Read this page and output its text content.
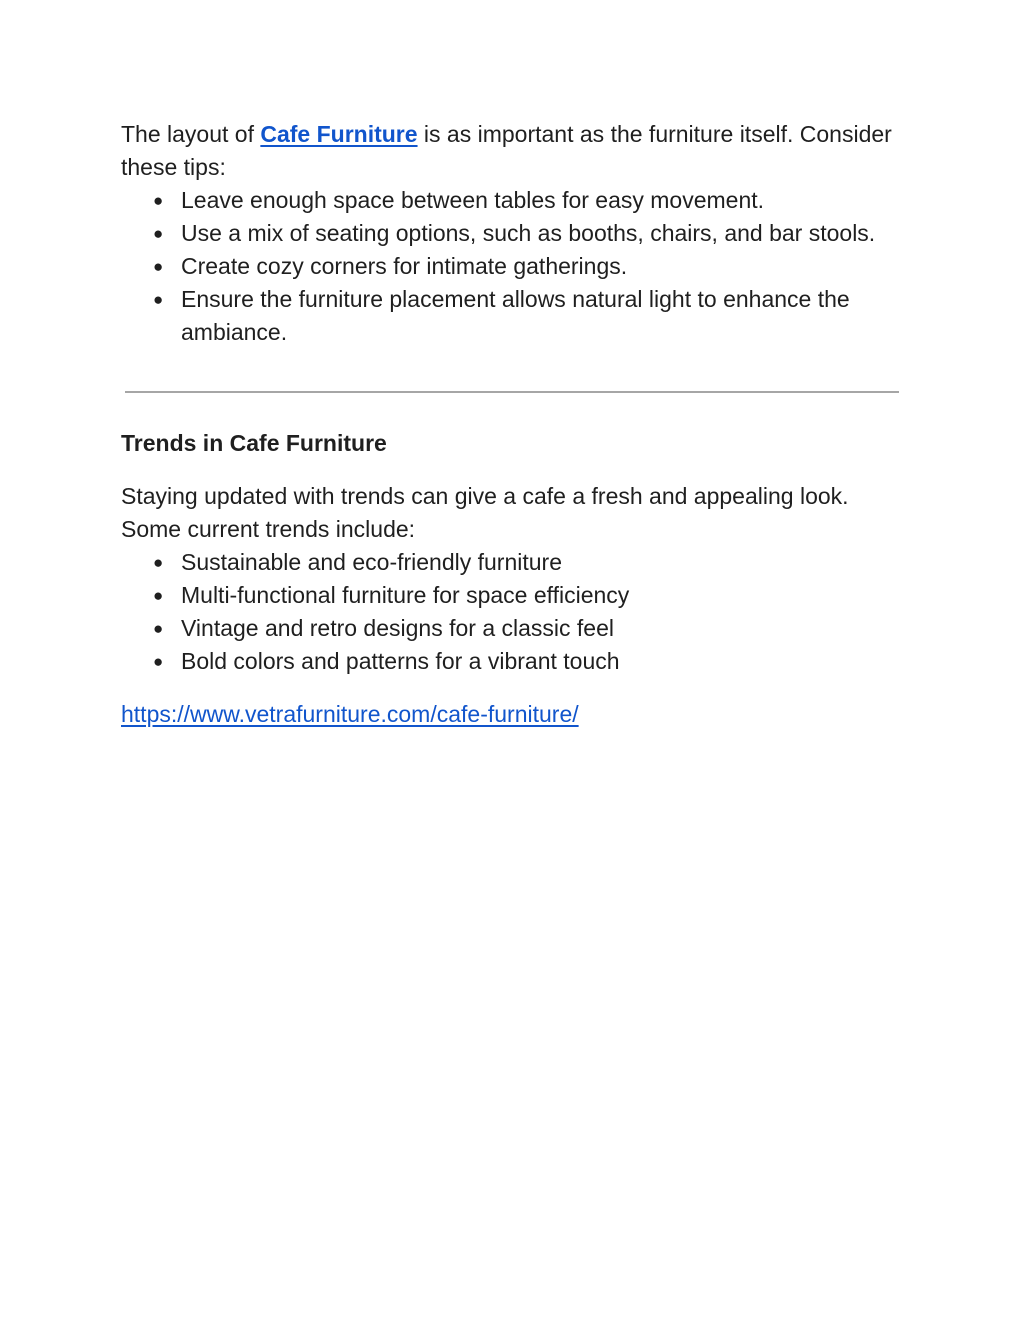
The layout of Cafe Furniture is as important as the furniture itself. Consider these tips:

● Leave enough space between tables for easy movement.
● Use a mix of seating options, such as booths, chairs, and bar stools.
● Create cozy corners for intimate gatherings.
● Ensure the furniture placement allows natural light to enhance the ambiance.
Trends in Cafe Furniture

Staying updated with trends can give a cafe a fresh and appealing look. Some current trends include:

● Sustainable and eco-friendly furniture
● Multi-functional furniture for space efficiency
● Vintage and retro designs for a classic feel
● Bold colors and patterns for a vibrant touch
https://www.vetrafurniture.com/cafe-furniture/
